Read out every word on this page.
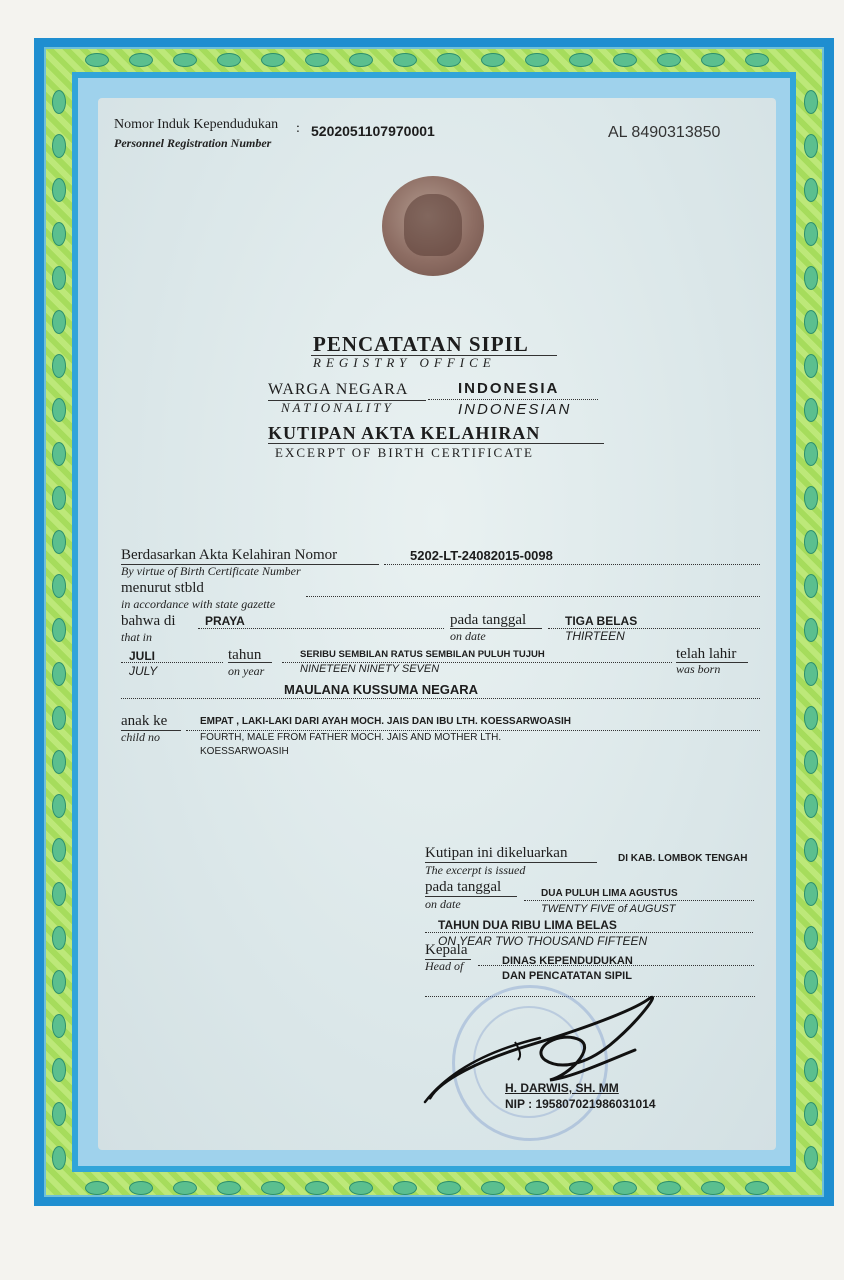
Nomor Induk Kependudukan
Personnel Registration Number
: 5202051107970001	AL 8490313850
PENCATATAN SIPIL
REGISTRY OFFICE
WARGA NEGARA
NATIONALITY
INDONESIA
INDONESIAN
KUTIPAN AKTA KELAHIRAN
EXCERPT OF BIRTH CERTIFICATE
Berdasarkan Akta Kelahiran Nomor
By virtue of Birth Certificate Number
5202-LT-24082015-0098
menurut stbld
in accordance with state gazette
bahwa di
that in
PRAYA	pada tanggal
on date
TIGA BELAS
THIRTEEN
JULI
JULY
tahun
on year
SERIBU SEMBILAN RATUS SEMBILAN PULUH TUJUH
NINETEEN NINETY SEVEN
telah lahir
was born
MAULANA KUSSUMA NEGARA
anak ke
child no
EMPAT , LAKI-LAKI DARI AYAH MOCH. JAIS DAN IBU LTH. KOESSARWOASIH
FOURTH, MALE FROM FATHER MOCH. JAIS AND MOTHER LTH.
KOESSARWOASIH
Kutipan ini dikeluarkan
The excerpt is issued
DI KAB. LOMBOK TENGAH
pada tanggal
on date
DUA PULUH LIMA AGUSTUS
TWENTY FIVE of AUGUST
TAHUN DUA RIBU LIMA BELAS
ON YEAR TWO THOUSAND FIFTEEN
Kepala
Head of	DINAS KEPENDUDUKAN
DAN PENCATATAN SIPIL
H. DARWIS, SH. MM
NIP : 195807021986031014
